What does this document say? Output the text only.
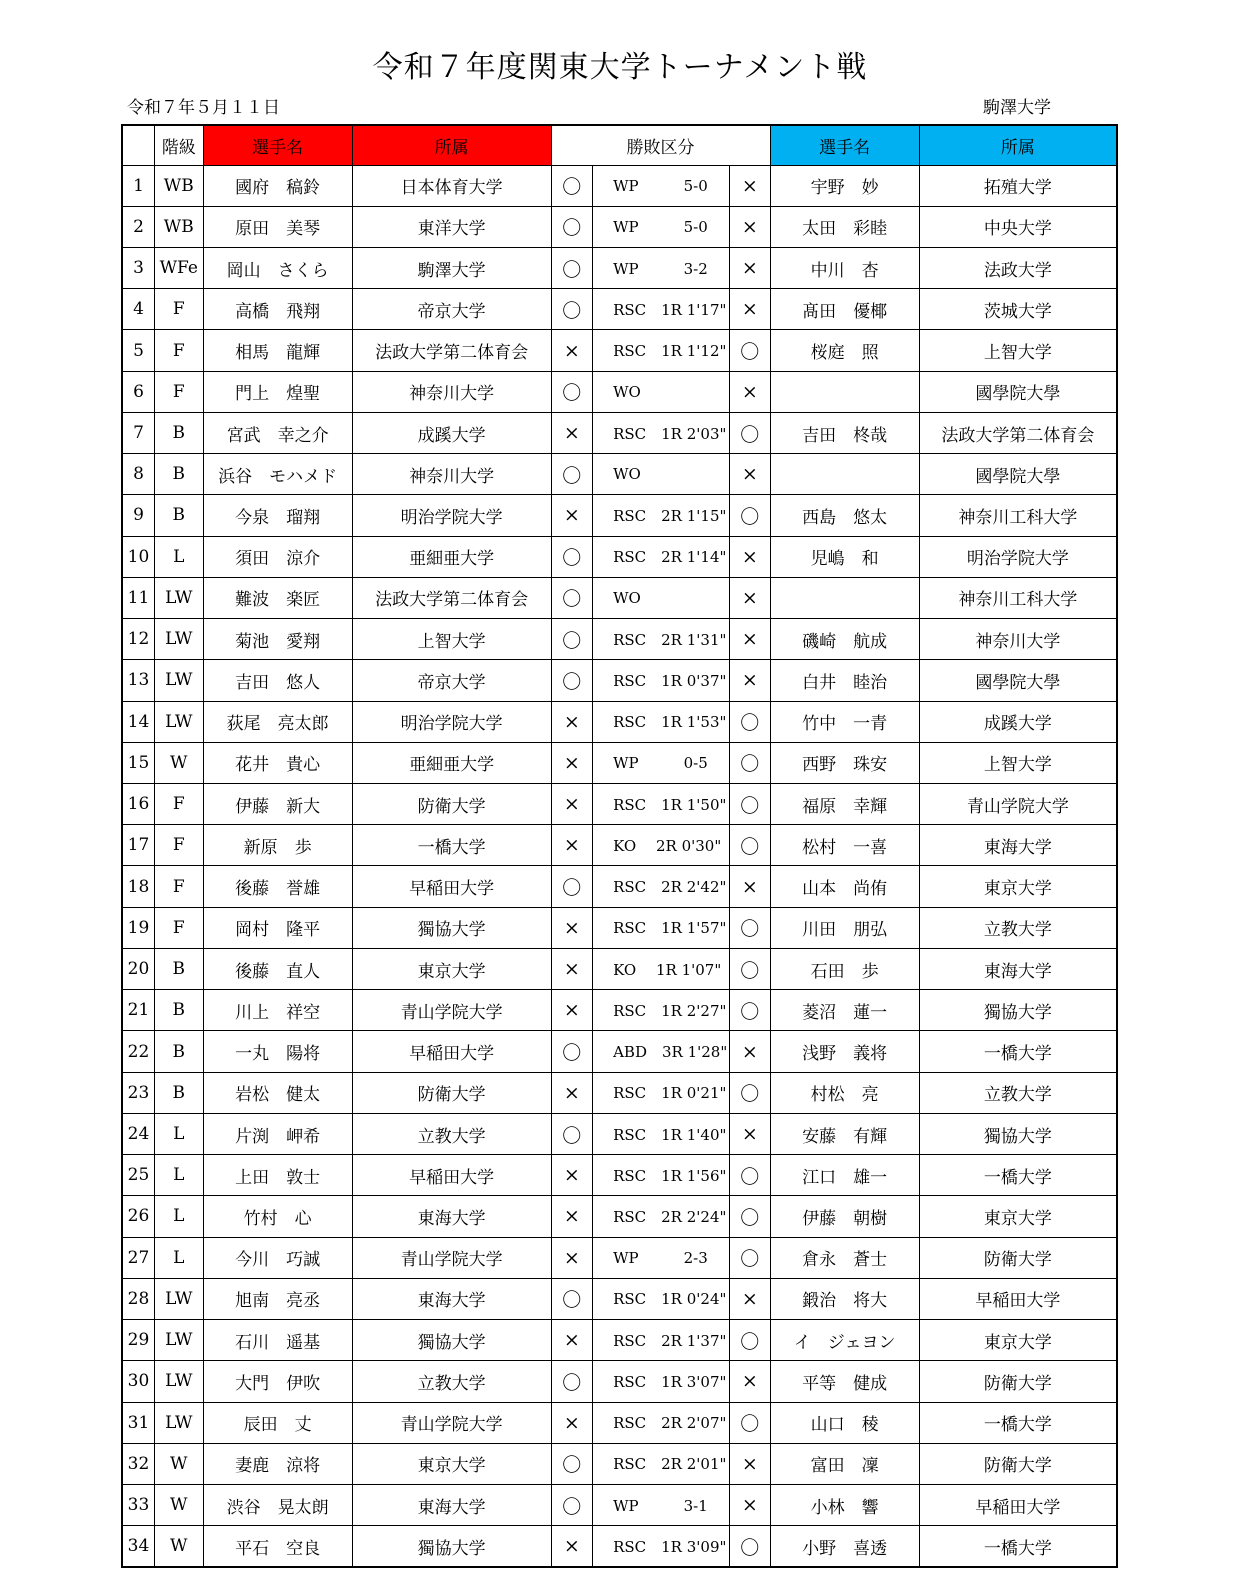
令和７年度関東大学トーナメント戦
令和７年５月１１日	駒澤大学
	階級	選手名	所属	勝敗区分			選手名	所属
1	WB	國府　稿鈴	日本体育大学	〇	WP　　　5-0	×	宇野　妙	拓殖大学
2	WB	原田　美琴	東洋大学	〇	WP　　　5-0	×	太田　彩睦	中央大学
3	WFe	岡山　さくら	駒澤大学	〇	WP　　　3-2	×	中川　杏	法政大学
4	F	高橋　飛翔	帝京大学	〇	RSC　1R 1'17"	×	髙田　優椰	茨城大学
5	F	相馬　龍輝	法政大学第二体育会	×	RSC　1R 1'12"	〇	桜庭　照	上智大学
6	F	門上　煌聖	神奈川大学	〇	WO	×		國學院大學
7	B	宮武　幸之介	成蹊大学	×	RSC　1R 2'03"	〇	吉田　柊哉	法政大学第二体育会
8	B	浜谷　モハメド	神奈川大学	〇	WO	×		國學院大學
9	B	今泉　瑠翔	明治学院大学	×	RSC　2R 1'15"	〇	西島　悠太	神奈川工科大学
10	L	須田　涼介	亜細亜大学	〇	RSC　2R 1'14"	×	児嶋　和	明治学院大学
11	LW	難波　楽匠	法政大学第二体育会	〇	WO	×		神奈川工科大学
12	LW	菊池　愛翔	上智大学	〇	RSC　2R 1'31"	×	磯崎　航成	神奈川大学
13	LW	吉田　悠人	帝京大学	〇	RSC　1R 0'37"	×	白井　睦治	國學院大學
14	LW	荻尾　亮太郎	明治学院大学	×	RSC　1R 1'53"	〇	竹中　一青	成蹊大学
15	W	花井　貴心	亜細亜大学	×	WP　　　0-5	〇	西野　珠安	上智大学
16	F	伊藤　新大	防衛大学	×	RSC　1R 1'50"	〇	福原　幸輝	青山学院大学
17	F	新原　歩	一橋大学	×	KO　 2R 0'30"	〇	松村　一喜	東海大学
18	F	後藤　誉雄	早稲田大学	〇	RSC　2R 2'42"	×	山本　尚侑	東京大学
19	F	岡村　隆平	獨協大学	×	RSC　1R 1'57"	〇	川田　朋弘	立教大学
20	B	後藤　直人	東京大学	×	KO　 1R 1'07"	〇	石田　歩	東海大学
21	B	川上　祥空	青山学院大学	×	RSC　1R 2'27"	〇	菱沼　蓮一	獨協大学
22	B	一丸　陽将	早稲田大学	〇	ABD　3R 1'28"	×	浅野　義将	一橋大学
23	B	岩松　健太	防衛大学	×	RSC　1R 0'21"	〇	村松　亮	立教大学
24	L	片渕　岬希	立教大学	〇	RSC　1R 1'40"	×	安藤　有輝	獨協大学
25	L	上田　敦士	早稲田大学	×	RSC　1R 1'56"	〇	江口　雄一	一橋大学
26	L	竹村　心	東海大学	×	RSC　2R 2'24"	〇	伊藤　朝樹	東京大学
27	L	今川　巧誠	青山学院大学	×	WP　　　2-3	〇	倉永　蒼士	防衛大学
28	LW	旭南　亮丞	東海大学	〇	RSC　1R 0'24"	×	鍛治　将大	早稲田大学
29	LW	石川　遥基	獨協大学	×	RSC　2R 1'37"	〇	イ　ジェヨン	東京大学
30	LW	大門　伊吹	立教大学	〇	RSC　1R 3'07"	×	平等　健成	防衛大学
31	LW	辰田　丈	青山学院大学	×	RSC　2R 2'07"	〇	山口　稜	一橋大学
32	W	妻鹿　涼将	東京大学	〇	RSC　2R 2'01"	×	富田　凜	防衛大学
33	W	渋谷　晃太朗	東海大学	〇	WP　　　3-1	×	小林　響	早稲田大学
34	W	平石　空良	獨協大学	×	RSC　1R 3'09"	〇	小野　喜透	一橋大学
